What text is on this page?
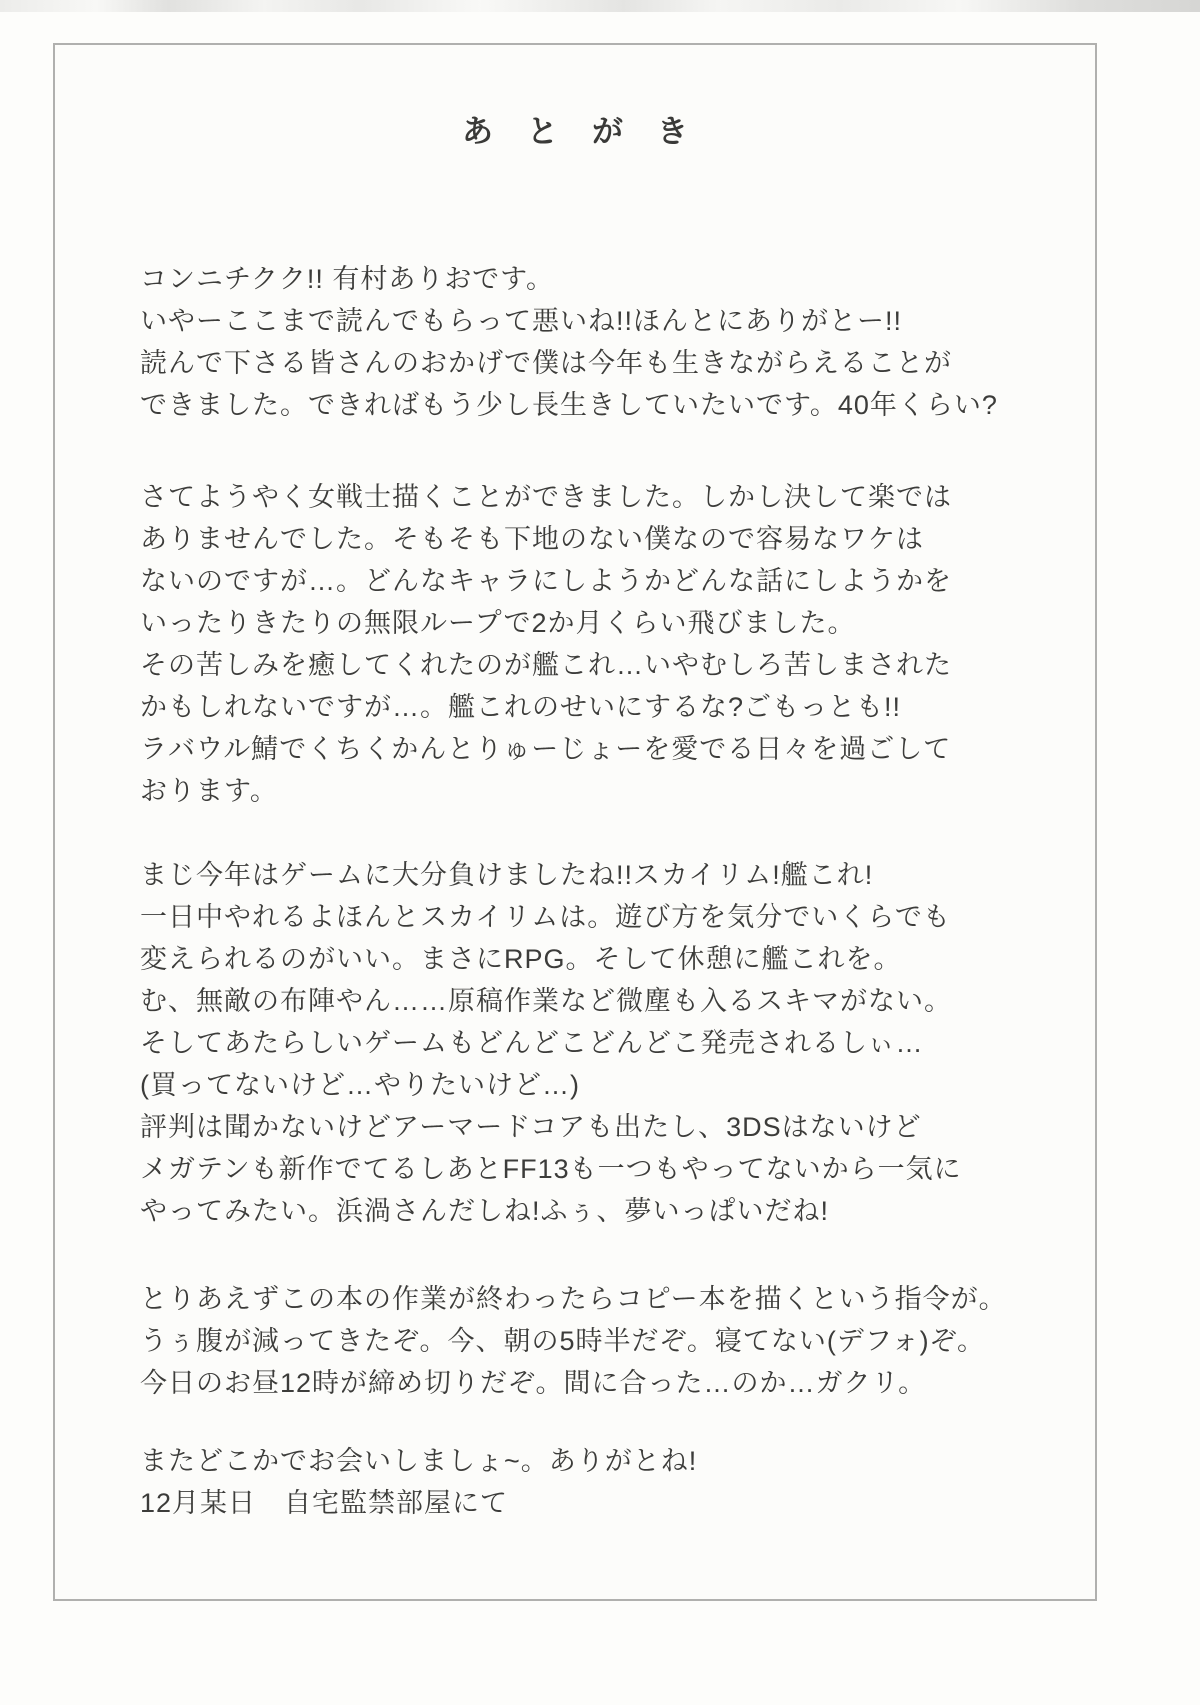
あとがき
コンニチクク!! 有村ありおです。
いやーここまで読んでもらって悪いね!!ほんとにありがとー!!
読んで下さる皆さんのおかげで僕は今年も生きながらえることが
できました。できればもう少し長生きしていたいです。40年くらい?
さてようやく女戦士描くことができました。しかし決して楽では
ありませんでした。そもそも下地のない僕なので容易なワケは
ないのですが…。どんなキャラにしようかどんな話にしようかを
いったりきたりの無限ループで2か月くらい飛びました。
その苦しみを癒してくれたのが艦これ…いやむしろ苦しまされた
かもしれないですが…。艦これのせいにするな?ごもっとも!!
ラバウル鯖でくちくかんとりゅーじょーを愛でる日々を過ごして
おります。
まじ今年はゲームに大分負けましたね!!スカイリム!艦これ!
一日中やれるよほんとスカイリムは。遊び方を気分でいくらでも
変えられるのがいい。まさにRPG。そして休憩に艦これを。
む、無敵の布陣やん……原稿作業など微塵も入るスキマがない。
そしてあたらしいゲームもどんどこどんどこ発売されるしぃ…
(買ってないけど…やりたいけど…)
評判は聞かないけどアーマードコアも出たし、3DSはないけど
メガテンも新作でてるしあとFF13も一つもやってないから一気に
やってみたい。浜渦さんだしね!ふぅ、夢いっぱいだね!
とりあえずこの本の作業が終わったらコピー本を描くという指令が。
うぅ腹が減ってきたぞ。今、朝の5時半だぞ。寝てない(デフォ)ぞ。
今日のお昼12時が締め切りだぞ。間に合った…のか…ガクリ。
またどこかでお会いしましょ~。ありがとね!
12月某日　自宅監禁部屋にて
